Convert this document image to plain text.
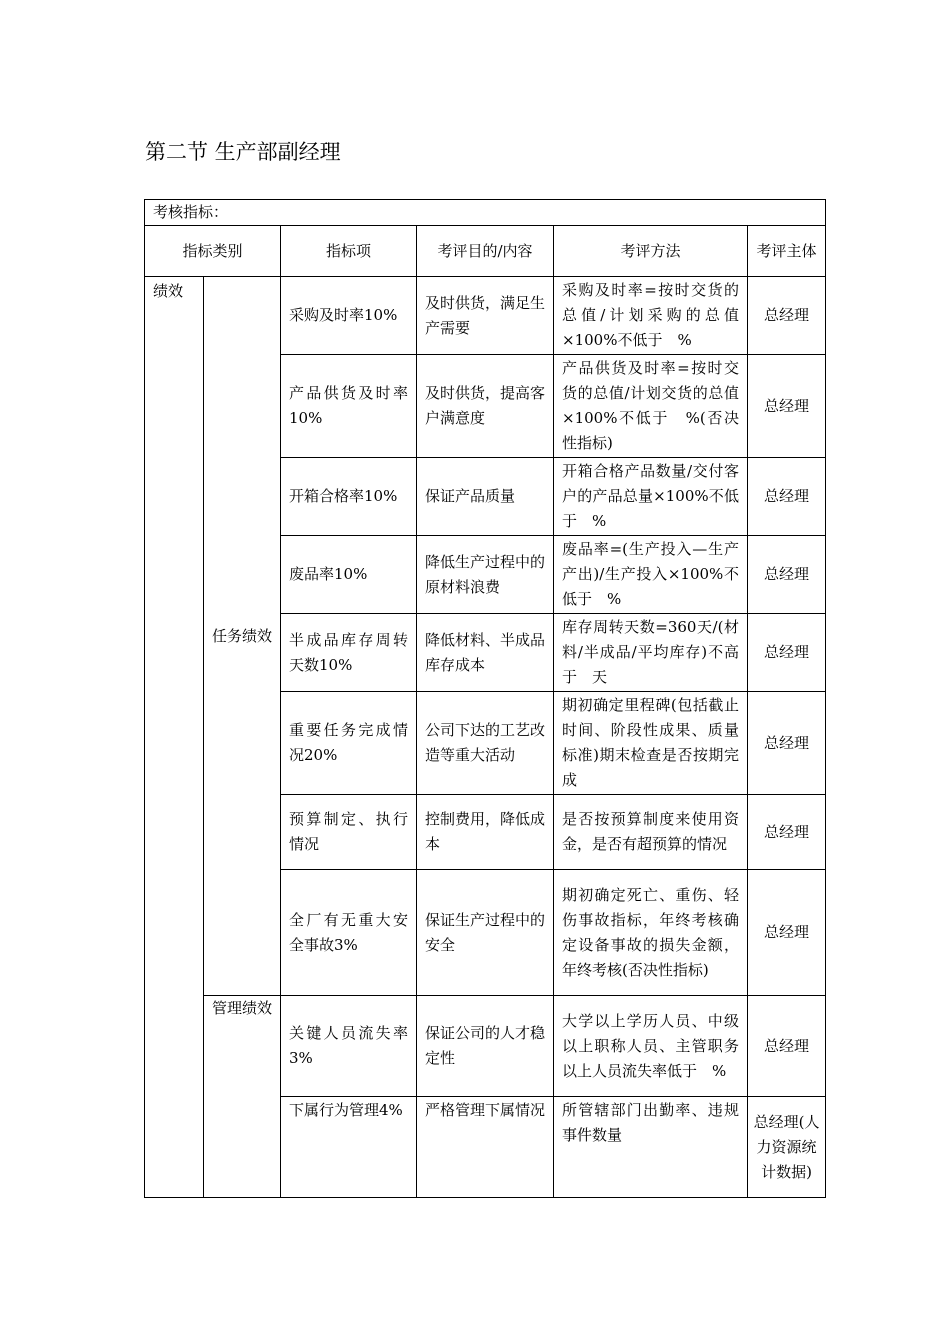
第二节 生产部副经理
考核指标：					
指标类别		指标项	考评目的/内容	考评方法	考评主体
绩效	任务绩效	采购及时率10%	及时供货，满足生产需要	采购及时率=按时交货的总值/计划采购的总值×100%不低于　%	总经理
		产品供货及时率10%	及时供货，提高客户满意度	产品供货及时率=按时交货的总值/计划交货的总值×100%不低于　%(否决性指标)	总经理
		开箱合格率10%	保证产品质量	开箱合格产品数量/交付客户的产品总量×100%不低于　%	总经理
		废品率10%	降低生产过程中的原材料浪费	废品率=(生产投入—生产产出)/生产投入×100%不低于　%	总经理
		半成品库存周转天数10%	降低材料、半成品库存成本	库存周转天数=360天/(材料/半成品/平均库存)不高于　天	总经理
		重要任务完成情况20%	公司下达的工艺改造等重大活动	期初确定里程碑(包括截止时间、阶段性成果、质量标准)期末检查是否按期完成	总经理
		预算制定、执行情况	控制费用，降低成本	是否按预算制度来使用资金，是否有超预算的情况	总经理
		全厂有无重大安全事故3%	保证生产过程中的安全	期初确定死亡、重伤、轻伤事故指标，年终考核确定设备事故的损失金额，年终考核(否决性指标)	总经理
	管理绩效	关键人员流失率3%	保证公司的人才稳定性	大学以上学历人员、中级以上职称人员、主管职务以上人员流失率低于　%	总经理
		下属行为管理4%	严格管理下属情况	所管辖部门出勤率、违规事件数量	总经理(人力资源统计数据)
